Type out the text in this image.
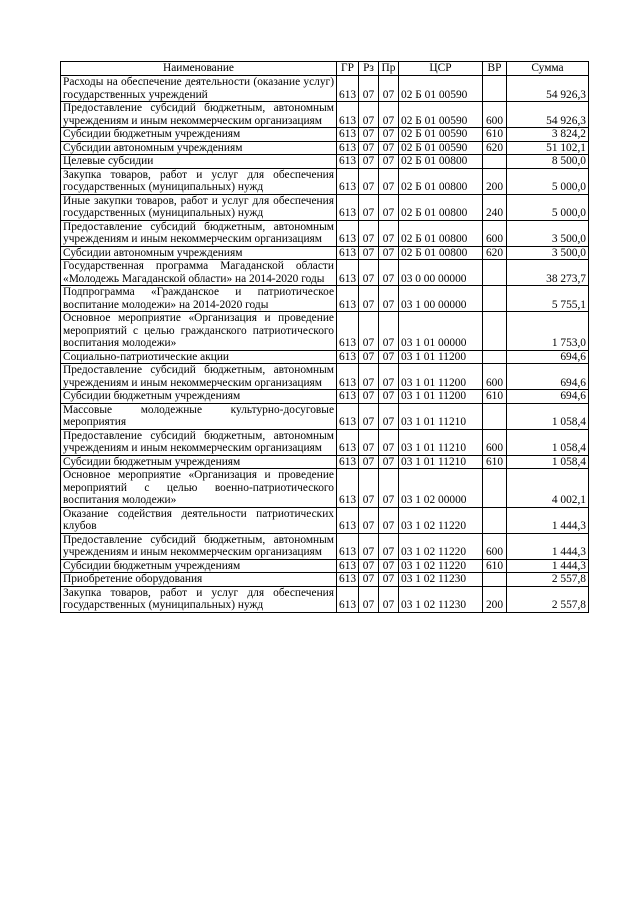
Наименование	ГР	Рз	Пр	ЦСР	ВР	Сумма
Расходы на обеспечение деятельности (оказание услуг) государственных учреждений	613	07	07	02 Б 01 00590		54 926,3
Предоставление субсидий бюджетным, автономным учреждениям и иным некоммерческим организациям	613	07	07	02 Б 01 00590	600	54 926,3
Субсидии бюджетным учреждениям	613	07	07	02 Б 01 00590	610	3 824,2
Субсидии автономным учреждениям	613	07	07	02 Б 01 00590	620	51 102,1
Целевые субсидии	613	07	07	02 Б 01 00800		8 500,0
Закупка товаров, работ и услуг для обеспечения государственных (муниципальных) нужд	613	07	07	02 Б 01 00800	200	5 000,0
Иные закупки товаров, работ и услуг для обеспечения государственных (муниципальных) нужд	613	07	07	02 Б 01 00800	240	5 000,0
Предоставление субсидий бюджетным, автономным учреждениям и иным некоммерческим организациям	613	07	07	02 Б 01 00800	600	3 500,0
Субсидии автономным учреждениям	613	07	07	02 Б 01 00800	620	3 500,0
Государственная программа Магаданской области «Молодежь Магаданской области» на 2014-2020 годы	613	07	07	03 0 00 00000		38 273,7
Подпрограмма «Гражданское и патриотическое воспитание молодежи» на 2014-2020 годы	613	07	07	03 1 00 00000		5 755,1
Основное мероприятие «Организация и проведение мероприятий с целью гражданского патриотического воспитания молодежи»	613	07	07	03 1 01 00000		1 753,0
Социально-патриотические акции	613	07	07	03 1 01 11200		694,6
Предоставление субсидий бюджетным, автономным учреждениям и иным некоммерческим организациям	613	07	07	03 1 01 11200	600	694,6
Субсидии бюджетным учреждениям	613	07	07	03 1 01 11200	610	694,6
Массовые молодежные культурно-досуговые мероприятия	613	07	07	03 1 01 11210		1 058,4
Предоставление субсидий бюджетным, автономным учреждениям и иным некоммерческим организациям	613	07	07	03 1 01 11210	600	1 058,4
Субсидии бюджетным учреждениям	613	07	07	03 1 01 11210	610	1 058,4
Основное мероприятие «Организация и проведение мероприятий с целью военно-патриотического воспитания молодежи»	613	07	07	03 1 02 00000		4 002,1
Оказание содействия деятельности патриотических клубов	613	07	07	03 1 02 11220		1 444,3
Предоставление субсидий бюджетным, автономным учреждениям и иным некоммерческим организациям	613	07	07	03 1 02 11220	600	1 444,3
Субсидии бюджетным учреждениям	613	07	07	03 1 02 11220	610	1 444,3
Приобретение оборудования	613	07	07	03 1 02 11230		2 557,8
Закупка товаров, работ и услуг для обеспечения государственных (муниципальных) нужд	613	07	07	03 1 02 11230	200	2 557,8
